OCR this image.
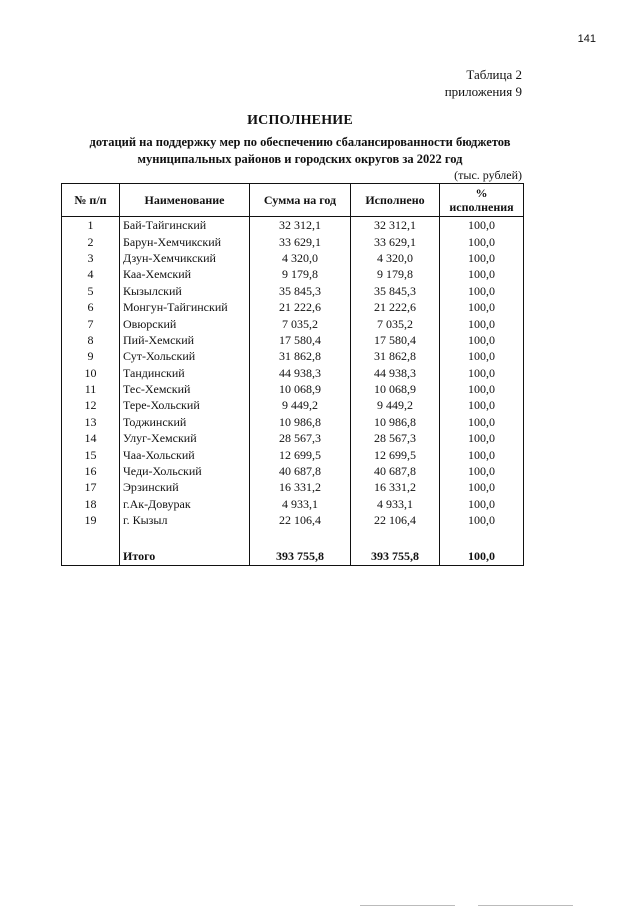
141
Таблица 2
приложения 9
ИСПОЛНЕНИЕ
дотаций на поддержку мер по обеспечению сбалансированности бюджетов
муниципальных районов и городских округов за 2022 год
(тыс. рублей)
№ п/п	Наименование	Сумма на год	Исполнено	%
исполнения

1	Бай-Тайгинский	32 312,1	32 312,1	100,0
2	Барун-Хемчикский	33 629,1	33 629,1	100,0
3	Дзун-Хемчикский	4 320,0	4 320,0	100,0
4	Каа-Хемский	9 179,8	9 179,8	100,0
5	Кызылский	35 845,3	35 845,3	100,0
6	Монгун-Тайгинский	21 222,6	21 222,6	100,0
7	Овюрский	7 035,2	7 035,2	100,0
8	Пий-Хемский	17 580,4	17 580,4	100,0
9	Сут-Хольский	31 862,8	31 862,8	100,0
10	Тандинский	44 938,3	44 938,3	100,0
11	Тес-Хемский	10 068,9	10 068,9	100,0
12	Тере-Хольский	9 449,2	9 449,2	100,0
13	Тоджинский	10 986,8	10 986,8	100,0
14	Улуг-Хемский	28 567,3	28 567,3	100,0
15	Чаа-Хольский	12 699,5	12 699,5	100,0
16	Чеди-Хольский	40 687,8	40 687,8	100,0
17	Эрзинский	16 331,2	16 331,2	100,0
18	г.Ак-Довурак	4 933,1	4 933,1	100,0
19	г. Кызыл	22 106,4	22 106,4	100,0

	Итого	393 755,8	393 755,8	100,0
